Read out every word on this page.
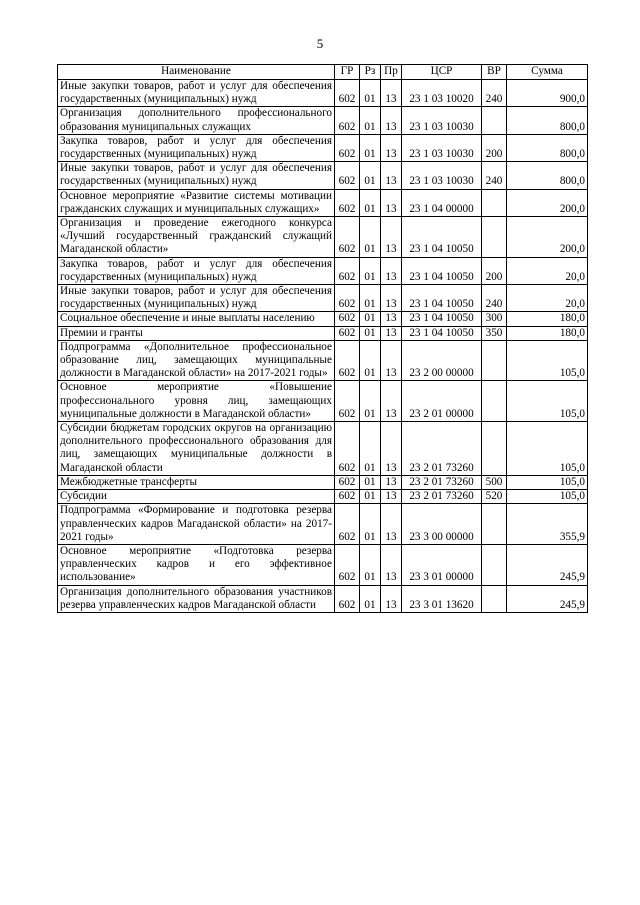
5
Наименование	ГР	Рз	Пр	ЦСР	ВР	Сумма
Иные закупки товаров, работ и услуг для обеспечения государственных (муниципальных) нужд	602	01	13	23 1 03 10020	240	900,0
Организация дополнительного профессионального образования муниципальных служащих	602	01	13	23 1 03 10030		800,0
Закупка товаров, работ и услуг для обеспечения государственных (муниципальных) нужд	602	01	13	23 1 03 10030	200	800,0
Иные закупки товаров, работ и услуг для обеспечения государственных (муниципальных) нужд	602	01	13	23 1 03 10030	240	800,0
Основное мероприятие «Развитие системы мотивации гражданских служащих и муниципальных служащих»	602	01	13	23 1 04 00000		200,0
Организация и проведение ежегодного конкурса «Лучший государственный гражданский служащий Магаданской области»	602	01	13	23 1 04 10050		200,0
Закупка товаров, работ и услуг для обеспечения государственных (муниципальных) нужд	602	01	13	23 1 04 10050	200	20,0
Иные закупки товаров, работ и услуг для обеспечения государственных (муниципальных) нужд	602	01	13	23 1 04 10050	240	20,0
Социальное обеспечение и иные выплаты населению	602	01	13	23 1 04 10050	300	180,0
Премии и гранты	602	01	13	23 1 04 10050	350	180,0
Подпрограмма «Дополнительное профессиональное образование лиц, замещающих муниципальные должности в Магаданской области» на 2017-2021 годы»	602	01	13	23 2 00 00000		105,0
Основное мероприятие «Повышение профессионального уровня лиц, замещающих муниципальные должности в Магаданской области»	602	01	13	23 2 01 00000		105,0
Субсидии бюджетам городских округов на организацию дополнительного профессионального образования для лиц, замещающих муниципальные должности в Магаданской области	602	01	13	23 2 01 73260		105,0
Межбюджетные трансферты	602	01	13	23 2 01 73260	500	105,0
Субсидии	602	01	13	23 2 01 73260	520	105,0
Подпрограмма «Формирование и подготовка резерва управленческих кадров Магаданской области» на 2017-2021 годы»	602	01	13	23 3 00 00000		355,9
Основное мероприятие «Подготовка резерва управленческих кадров и его эффективное использование»	602	01	13	23 3 01 00000		245,9
Организация дополнительного образования участников резерва управленческих кадров Магаданской области	602	01	13	23 3 01 13620		245,9
